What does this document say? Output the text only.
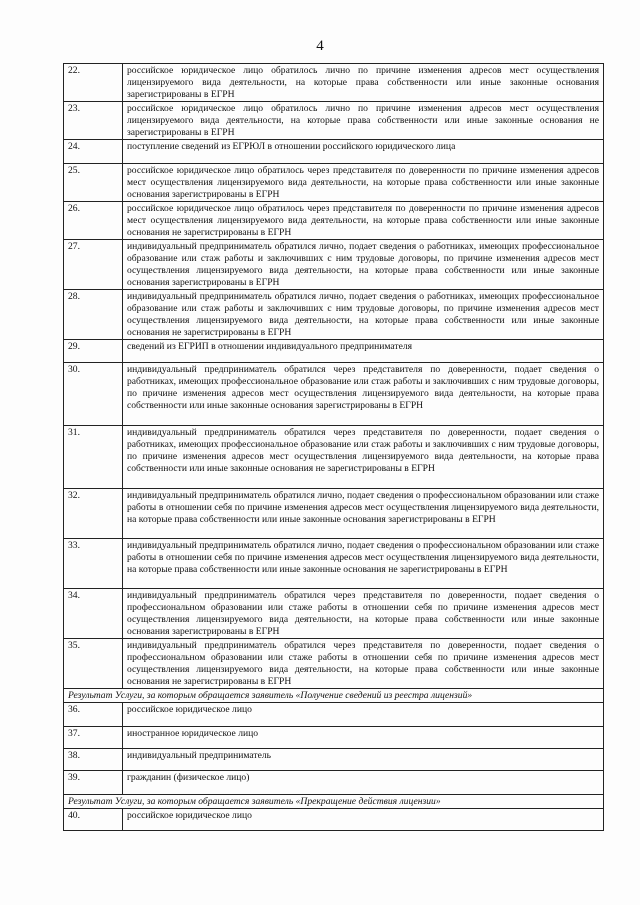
4
22.	российское юридическое лицо обратилось лично по причине изменения адресов мест осуществления лицензируемого вида деятельности, на которые права собственности или иные законные основания зарегистрированы в ЕГРН
23.	российское юридическое лицо обратилось лично по причине изменения адресов мест осуществления лицензируемого вида деятельности, на которые права собственности или иные законные основания не зарегистрированы в ЕГРН
24.	поступление сведений из ЕГРЮЛ в отношении российского юридического лица
25.	российское юридическое лицо обратилось через представителя по доверенности по причине изменения адресов мест осуществления лицензируемого вида деятельности, на которые права собственности или иные законные основания зарегистрированы в ЕГРН
26.	российское юридическое лицо обратилось через представителя по доверенности по причине изменения адресов мест осуществления лицензируемого вида деятельности, на которые права собственности или иные законные основания не зарегистрированы в ЕГРН
27.	индивидуальный предприниматель обратился лично, подает сведения о работниках, имеющих профессиональное образование или стаж работы и заключивших с ним трудовые договоры, по причине изменения адресов мест осуществления лицензируемого вида деятельности, на которые права собственности или иные законные основания зарегистрированы в ЕГРН
28.	индивидуальный предприниматель обратился лично, подает сведения о работниках, имеющих профессиональное образование или стаж работы и заключивших с ним трудовые договоры, по причине изменения адресов мест осуществления лицензируемого вида деятельности, на которые права собственности или иные законные основания не зарегистрированы в ЕГРН
29.	сведений из ЕГРИП в отношении индивидуального предпринимателя
30.	индивидуальный предприниматель обратился через представителя по доверенности, подает сведения о работниках, имеющих профессиональное образование или стаж работы и заключивших с ним трудовые договоры, по причине изменения адресов мест осуществления лицензируемого вида деятельности, на которые права собственности или иные законные основания зарегистрированы в ЕГРН
31.	индивидуальный предприниматель обратился через представителя по доверенности, подает сведения о работниках, имеющих профессиональное образование или стаж работы и заключивших с ним трудовые договоры, по причине изменения адресов мест осуществления лицензируемого вида деятельности, на которые права собственности или иные законные основания не зарегистрированы в ЕГРН
32.	индивидуальный предприниматель обратился лично, подает сведения о профессиональном образовании или стаже работы в отношении себя по причине изменения адресов мест осуществления лицензируемого вида деятельности, на которые права собственности или иные законные основания зарегистрированы в ЕГРН
33.	индивидуальный предприниматель обратился лично, подает сведения о профессиональном образовании или стаже работы в отношении себя по причине изменения адресов мест осуществления лицензируемого вида деятельности, на которые права собственности или иные законные основания не зарегистрированы в ЕГРН
34.	индивидуальный предприниматель обратился через представителя по доверенности, подает сведения о профессиональном образовании или стаже работы в отношении себя по причине изменения адресов мест осуществления лицензируемого вида деятельности, на которые права собственности или иные законные основания зарегистрированы в ЕГРН
35.	индивидуальный предприниматель обратился через представителя по доверенности, подает сведения о профессиональном образовании или стаже работы в отношении себя по причине изменения адресов мест осуществления лицензируемого вида деятельности, на которые права собственности или иные законные основания не зарегистрированы в ЕГРН
Результат Услуги, за которым обращается заявитель «Получение сведений из реестра лицензий»	
36.	российское юридическое лицо
37.	иностранное юридическое лицо
38.	индивидуальный предприниматель
39.	гражданин (физическое лицо)
Результат Услуги, за которым обращается заявитель «Прекращение действия лицензии»	
40.	российское юридическое лицо
